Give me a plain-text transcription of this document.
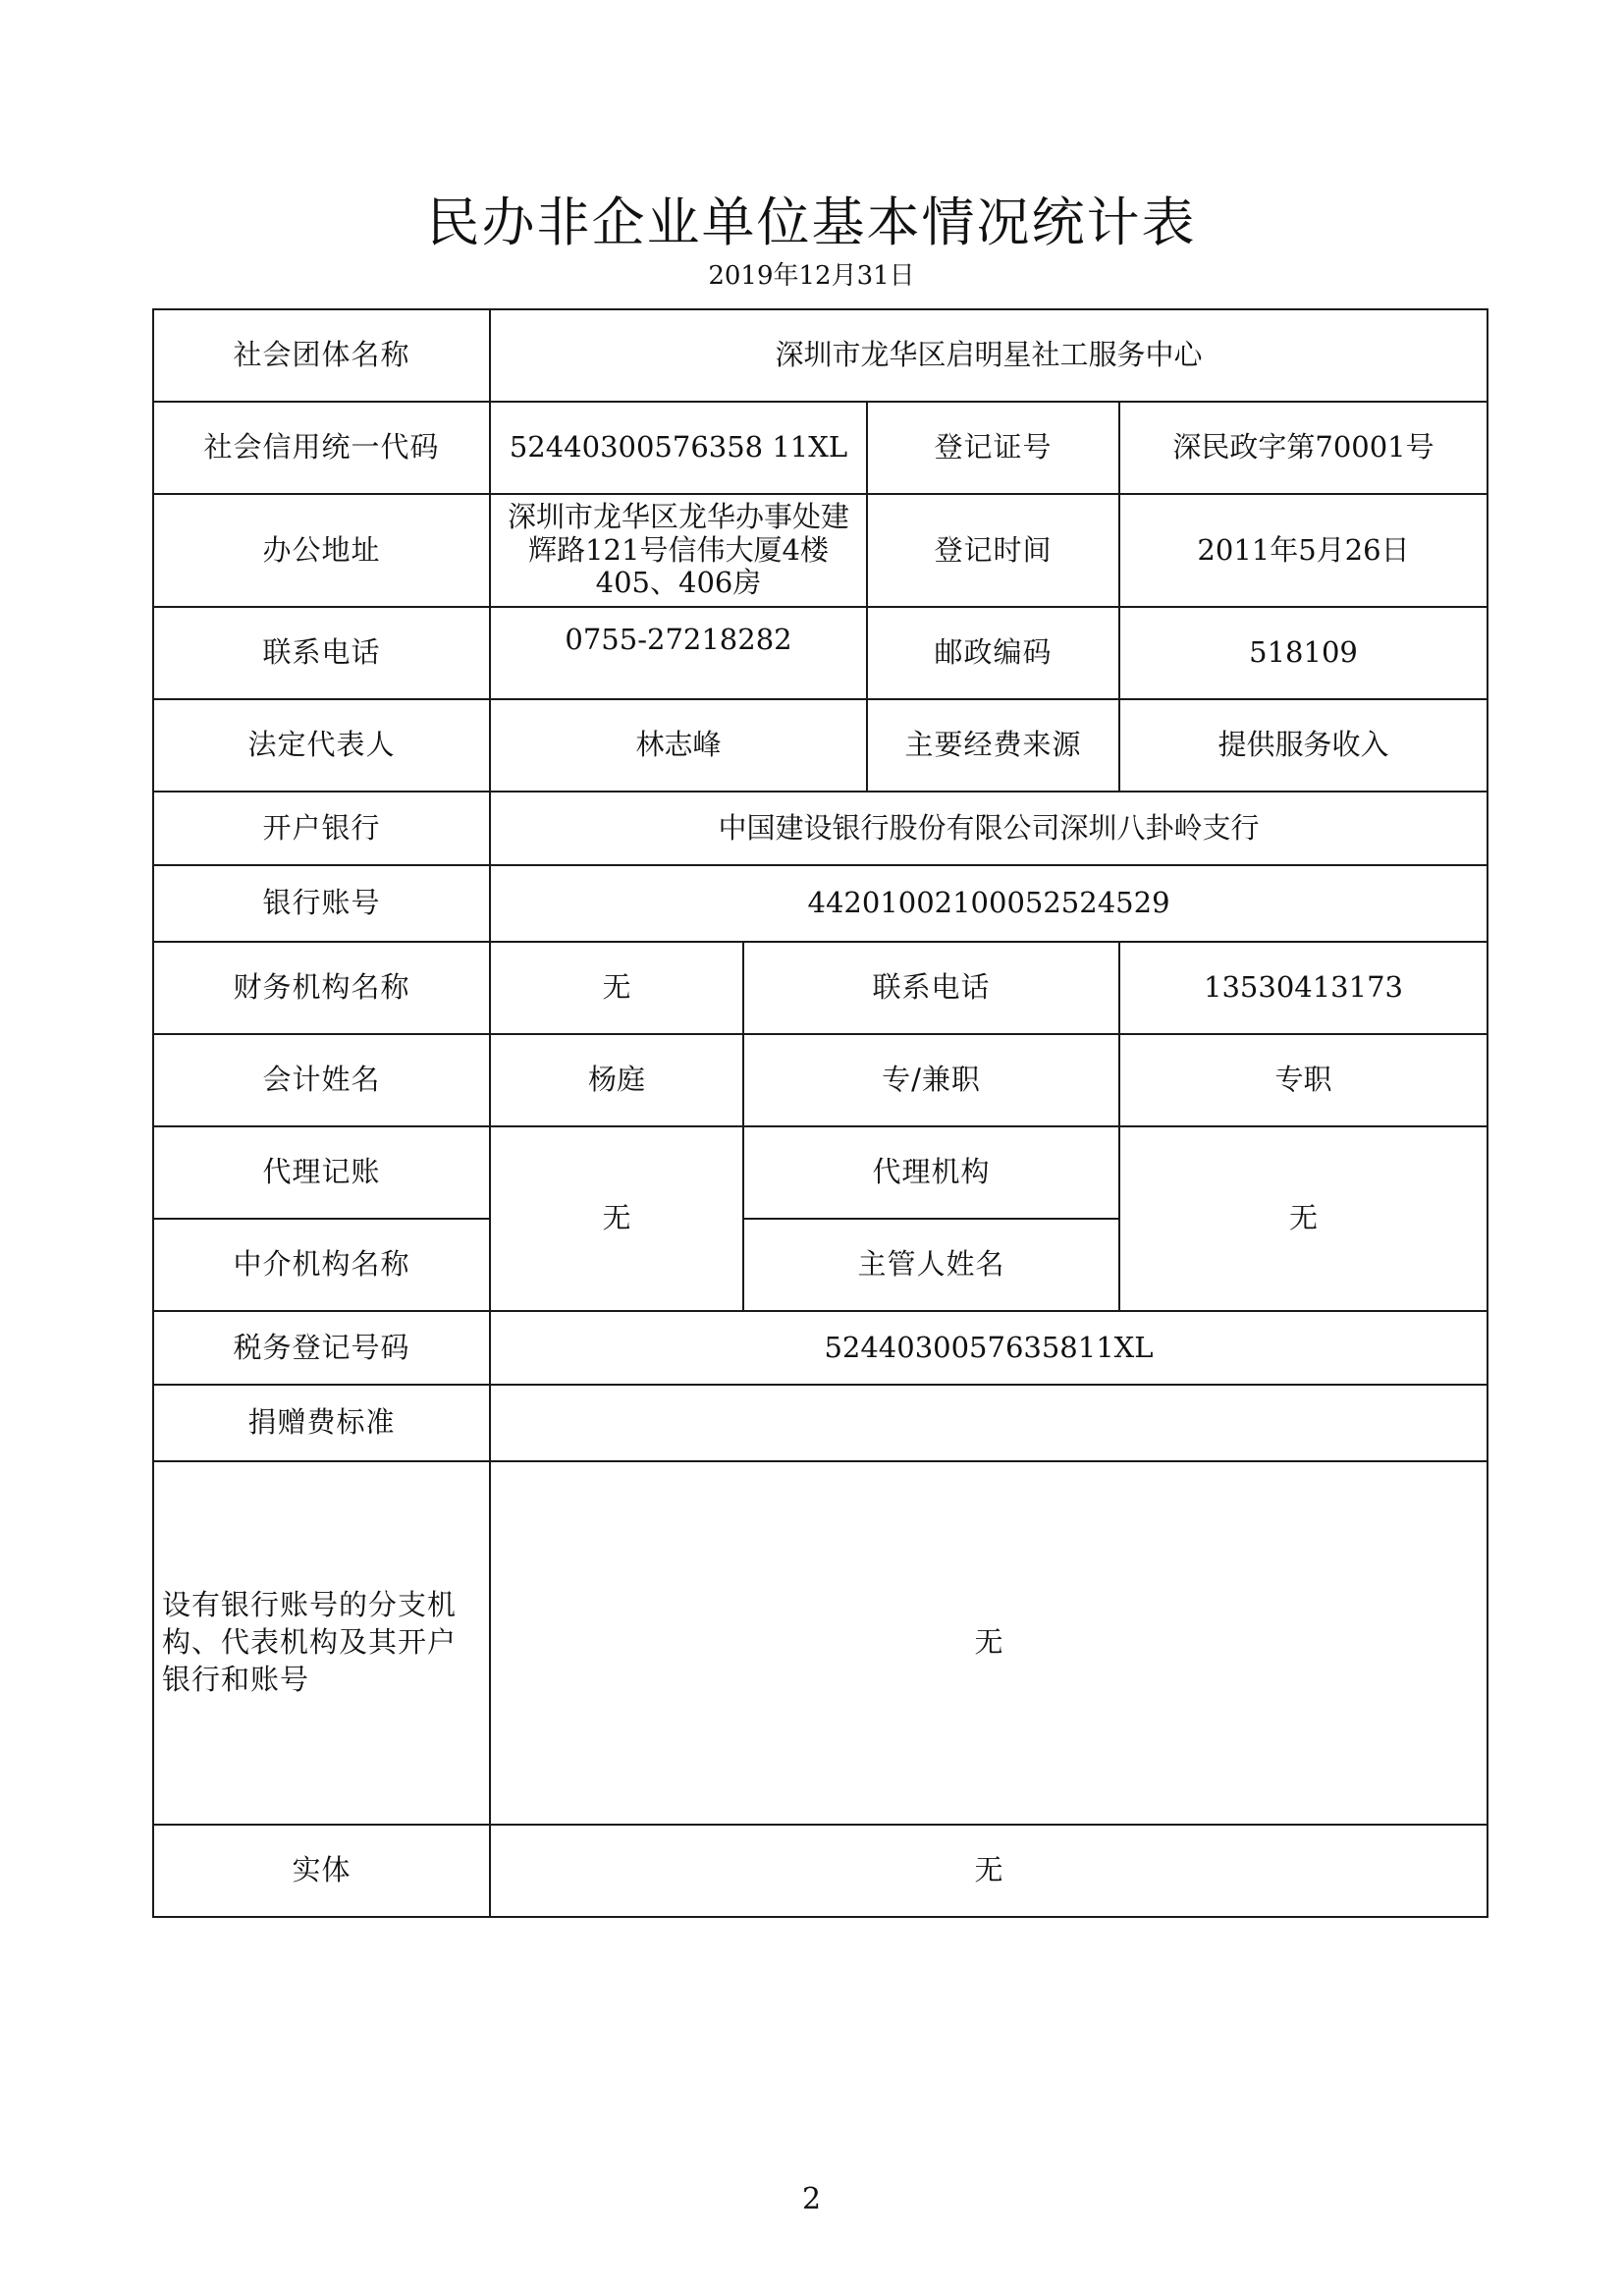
民办非企业单位基本情况统计表
2019年12月31日
社会团体名称	深圳市龙华区启明星社工服务中心			
社会信用统一代码	52440300576358 11XL		登记证号	深民政字第70001号
办公地址	深圳市龙华区龙华办事处建辉路121号信伟大厦4楼405、406房		登记时间	2011年5月26日
联系电话	0755-27218282		邮政编码	518109
法定代表人	林志峰		主要经费来源	提供服务收入
开户银行	中国建设银行股份有限公司深圳八卦岭支行			
银行账号	44201002100052524529			
财务机构名称	无	联系电话		13530413173
会计姓名	杨庭	专/兼职		专职
代理记账	无	代理机构		无
中介机构名称		主管人姓名		
税务登记号码	5244030057635811XL			
捐赠费标准				
设有银行账号的分支机构、代表机构及其开户银行和账号	无			
实体	无			
2
